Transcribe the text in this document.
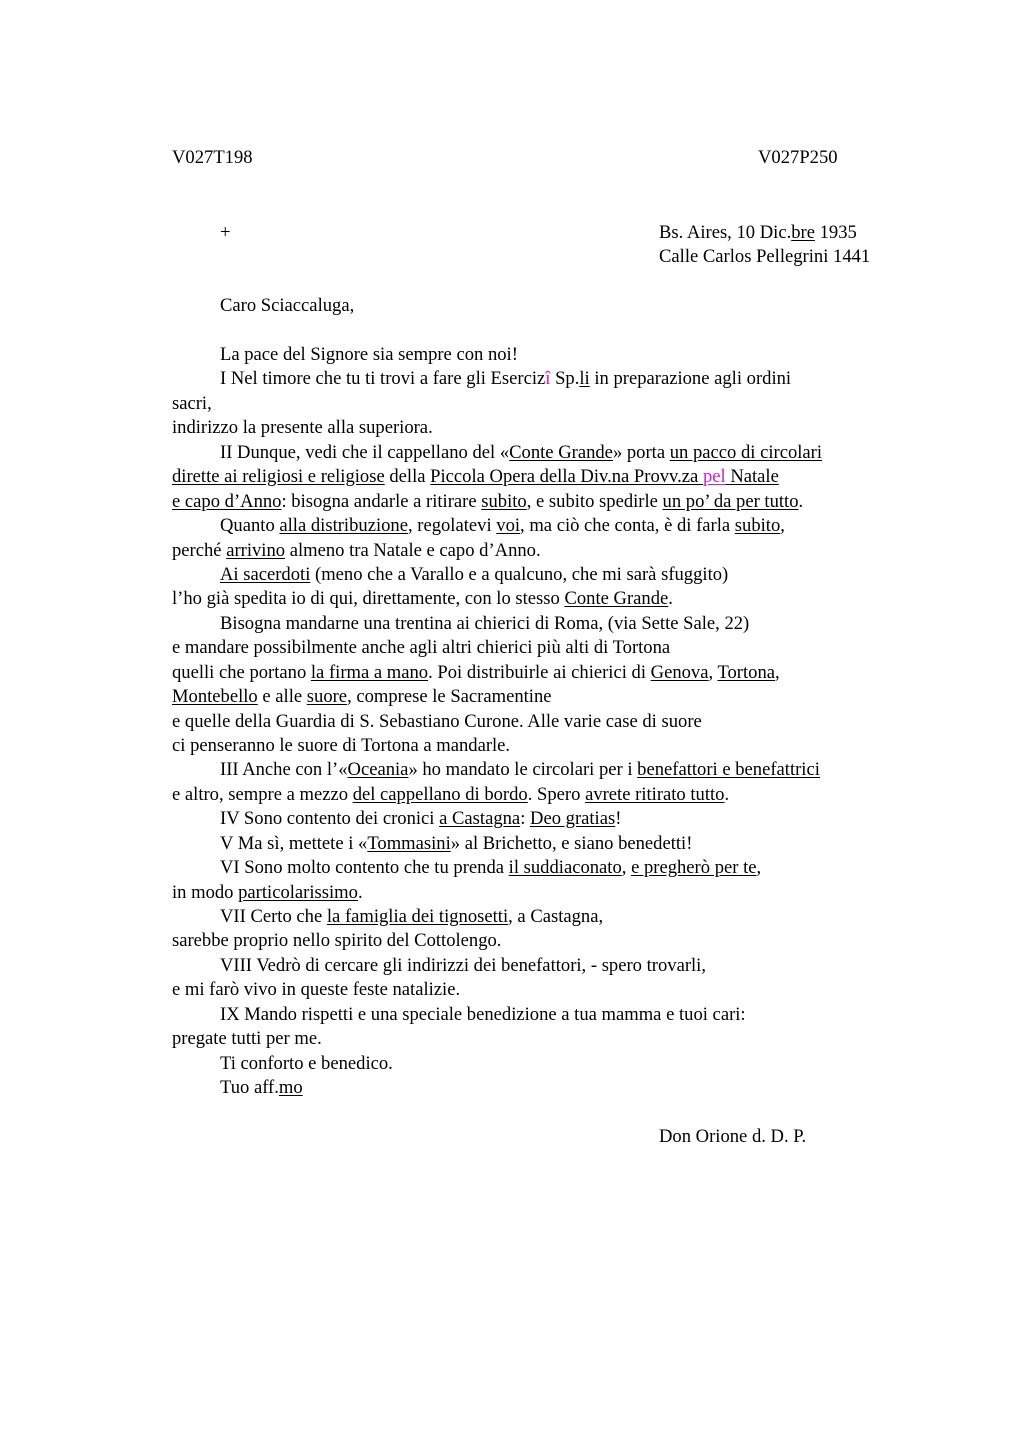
V027T198	V027P250
+	Bs. Aires, 10 Dic.bre 1935
Calle Carlos Pellegrini 1441
Caro Sciaccaluga,
La pace del Signore sia sempre con noi!
I Nel timore che tu ti trovi a fare gli Esercizî Sp.li in preparazione agli ordini
sacri,
indirizzo la presente alla superiora.
II Dunque, vedi che il cappellano del «Conte Grande» porta un pacco di circolari
dirette ai religiosi e religiose della Piccola Opera della Div.na Provv.za pel Natale
e capo d’Anno: bisogna andarle a ritirare subito, e subito spedirle un po’ da per tutto.
Quanto alla distribuzione, regolatevi voi, ma ciò che conta, è di farla subito,
perché arrivino almeno tra Natale e capo d’Anno.
Ai sacerdoti (meno che a Varallo e a qualcuno, che mi sarà sfuggito)
l’ho già spedita io di qui, direttamente, con lo stesso Conte Grande.
Bisogna mandarne una trentina ai chierici di Roma, (via Sette Sale, 22)
e mandare possibilmente anche agli altri chierici più alti di Tortona
quelli che portano la firma a mano. Poi distribuirle ai chierici di Genova, Tortona,
Montebello e alle suore, comprese le Sacramentine
e quelle della Guardia di S. Sebastiano Curone. Alle varie case di suore
ci penseranno le suore di Tortona a mandarle.
III Anche con l’«Oceania» ho mandato le circolari per i benefattori e benefattrici
e altro, sempre a mezzo del cappellano di bordo. Spero avrete ritirato tutto.
IV Sono contento dei cronici a Castagna: Deo gratias!
V Ma sì, mettete i «Tommasini» al Brichetto, e siano benedetti!
VI Sono molto contento che tu prenda il suddiaconato, e pregherò per te,
in modo particolarissimo.
VII Certo che la famiglia dei tignosetti, a Castagna,
sarebbe proprio nello spirito del Cottolengo.
VIII Vedrò di cercare gli indirizzi dei benefattori, - spero trovarli,
e mi farò vivo in queste feste natalizie.
IX Mando rispetti e una speciale benedizione a tua mamma e tuoi cari:
pregate tutti per me.
Ti conforto e benedico.
Tuo aff.mo
Don Orione d. D. P.
